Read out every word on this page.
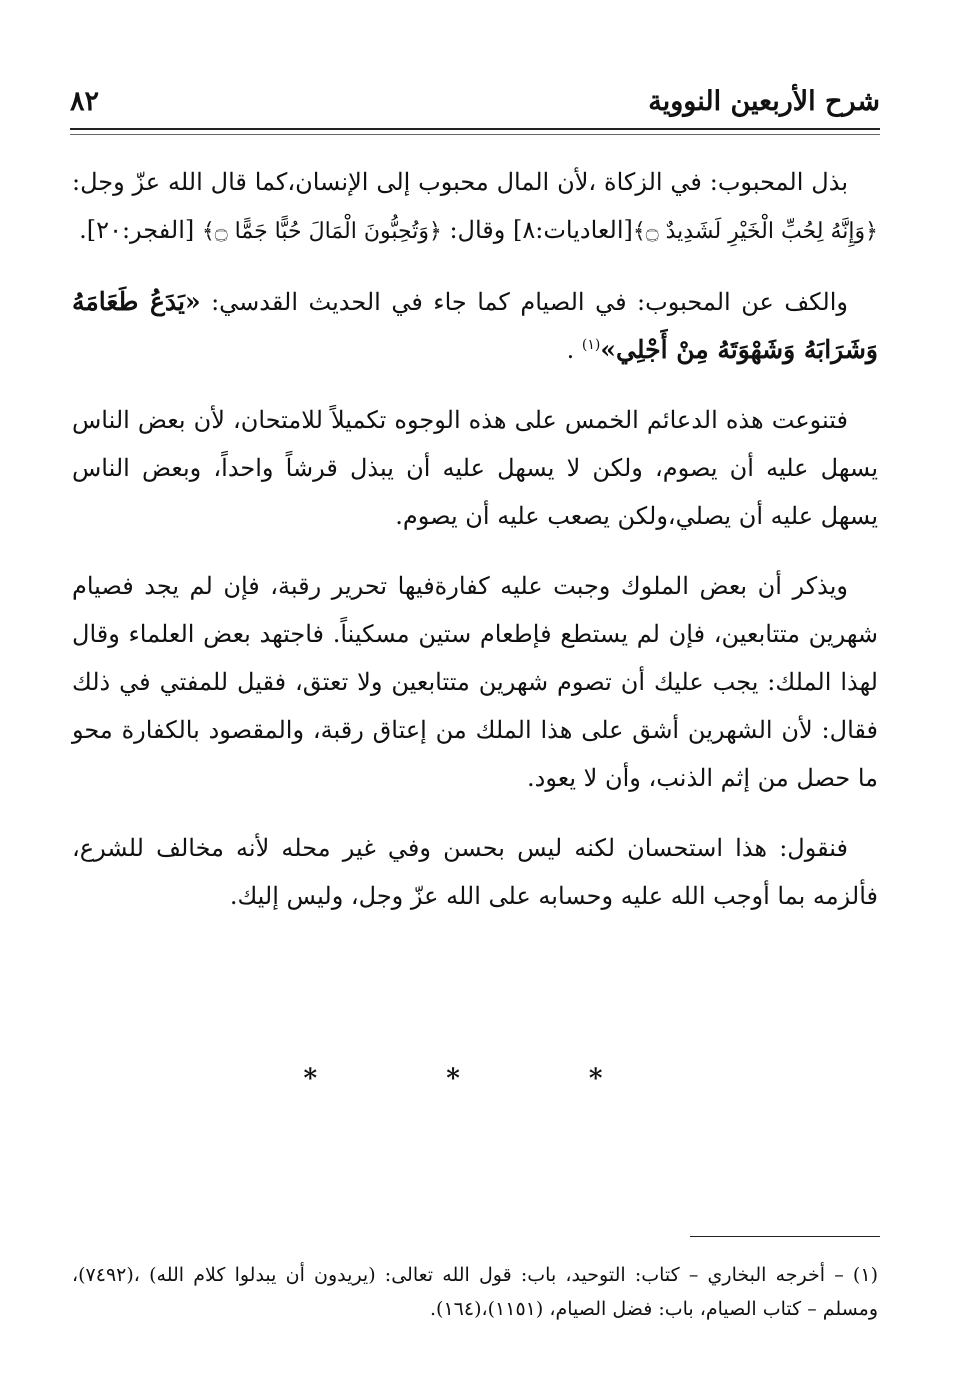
شرح الأربعين النووية
٨٢

بذل المحبوب: في الزكاة ،لأن المال محبوب إلى الإنسان،كما قال الله عزّ وجل: ﴿وَإِنَّهُ لِحُبِّ الْخَيْرِ لَشَدِيدٌ ۝﴾[العاديات:٨] وقال: ﴿وَتُحِبُّونَ الْمَالَ حُبًّا جَمًّا ۝﴾ [الفجر:٢٠].

والكف عن المحبوب: في الصيام كما جاء في الحديث القدسي: «يَدَعُ طَعَامَهُ وَشَرَابَهُ وَشَهْوَتَهُ مِنْ أَجْلِي»$^{(١)}$ .

فتنوعت هذه الدعائم الخمس على هذه الوجوه تكميلاً للامتحان، لأن بعض الناس يسهل عليه أن يصوم، ولكن لا يسهل عليه أن يبذل قرشاً واحداً، وبعض الناس يسهل عليه أن يصلي،ولكن يصعب عليه أن يصوم.

ويذكر أن بعض الملوك وجبت عليه كفارةفيها تحرير رقبة، فإن لم يجد فصيام شهرين متتابعين، فإن لم يستطع فإطعام ستين مسكيناً. فاجتهد بعض العلماء وقال لهذا الملك: يجب عليك أن تصوم شهرين متتابعين ولا تعتق، فقيل للمفتي في ذلك فقال: لأن الشهرين أشق على هذا الملك من إعتاق رقبة، والمقصود بالكفارة محو ما حصل من إثم الذنب، وأن لا يعود.

فنقول: هذا استحسان لكنه ليس بحسن وفي غير محله لأنه مخالف للشرع، فألزمه بما أوجب الله عليه وحسابه على الله عزّ وجل، وليس إليك.

* * *
(١) – أخرجه البخاري – كتاب: التوحيد، باب: قول الله تعالى: (يريدون أن يبدلوا كلام الله) ،(٧٤٩٢)، ومسلم – كتاب الصيام، باب: فضل الصيام، (١١٥١)،(١٦٤).
